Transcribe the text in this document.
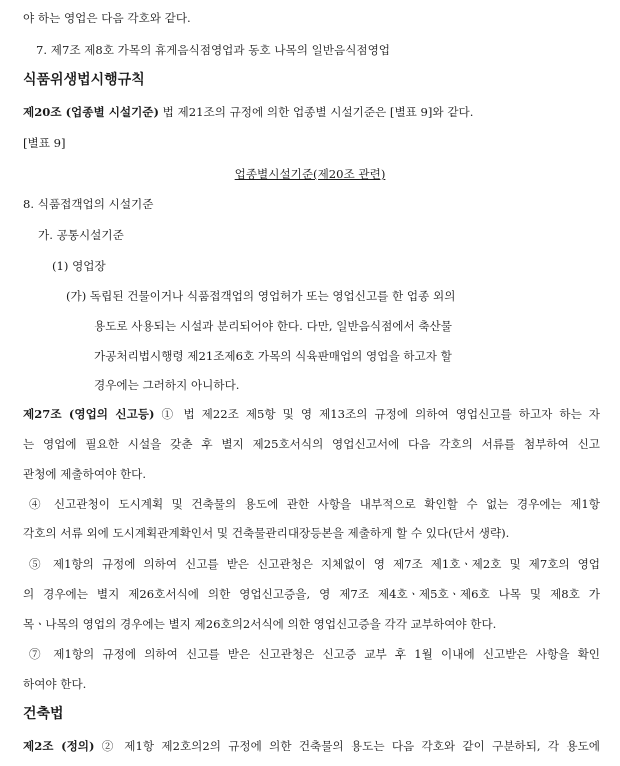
야 하는 영업은 다음 각호와 같다.
7. 제7조 제8호 가목의 휴게음식점영업과 동호 나목의 일반음식점영업
식품위생법시행규칙
제20조 (업종별 시설기준) 법 제21조의 규정에 의한 업종별 시설기준은 [별표 9]와 같다.
[별표 9]
업종별시설기준(제20조 관련)
8. 식품접객업의 시설기준
가. 공통시설기준
(1) 영업장
(가) 독립된 건물이거나 식품접객업의 영업허가 또는 영업신고를 한 업종 외의
용도로 사용되는 시설과 분리되어야 한다. 다만, 일반음식점에서 축산물
가공처리법시행령 제21조제6호 가목의 식육판매업의 영업을 하고자 할
경우에는 그러하지 아니하다.
제27조 (영업의 신고등) ① 법 제22조 제5항 및 영 제13조의 규정에 의하여 영업신고를 하고자 하는 자
는 영업에 필요한 시설을 갖춘 후 별지 제25호서식의 영업신고서에 다음 각호의 서류를 첨부하여 신고
관청에 제출하여야 한다.
④ 신고관청이 도시계획 및 건축물의 용도에 관한 사항을 내부적으로 확인할 수 없는 경우에는 제1항
각호의 서류 외에 도시계획관계확인서 및 건축물관리대장등본을 제출하게 할 수 있다(단서 생략).
⑤ 제1항의 규정에 의하여 신고를 받은 신고관청은 지체없이 영 제7조 제1호ㆍ제2호 및 제7호의 영업
의 경우에는 별지 제26호서식에 의한 영업신고증을, 영 제7조 제4호ㆍ제5호ㆍ제6호 나목 및 제8호 가
목ㆍ나목의 영업의 경우에는 별지 제26호의2서식에 의한 영업신고증을 각각 교부하여야 한다.
⑦ 제1항의 규정에 의하여 신고를 받은 신고관청은 신고증 교부 후 1월 이내에 신고받은 사항을 확인
하여야 한다.
건축법
제2조 (정의) ② 제1항 제2호의2의 규정에 의한 건축물의 용도는 다음 각호와 같이 구분하되, 각 용도에
